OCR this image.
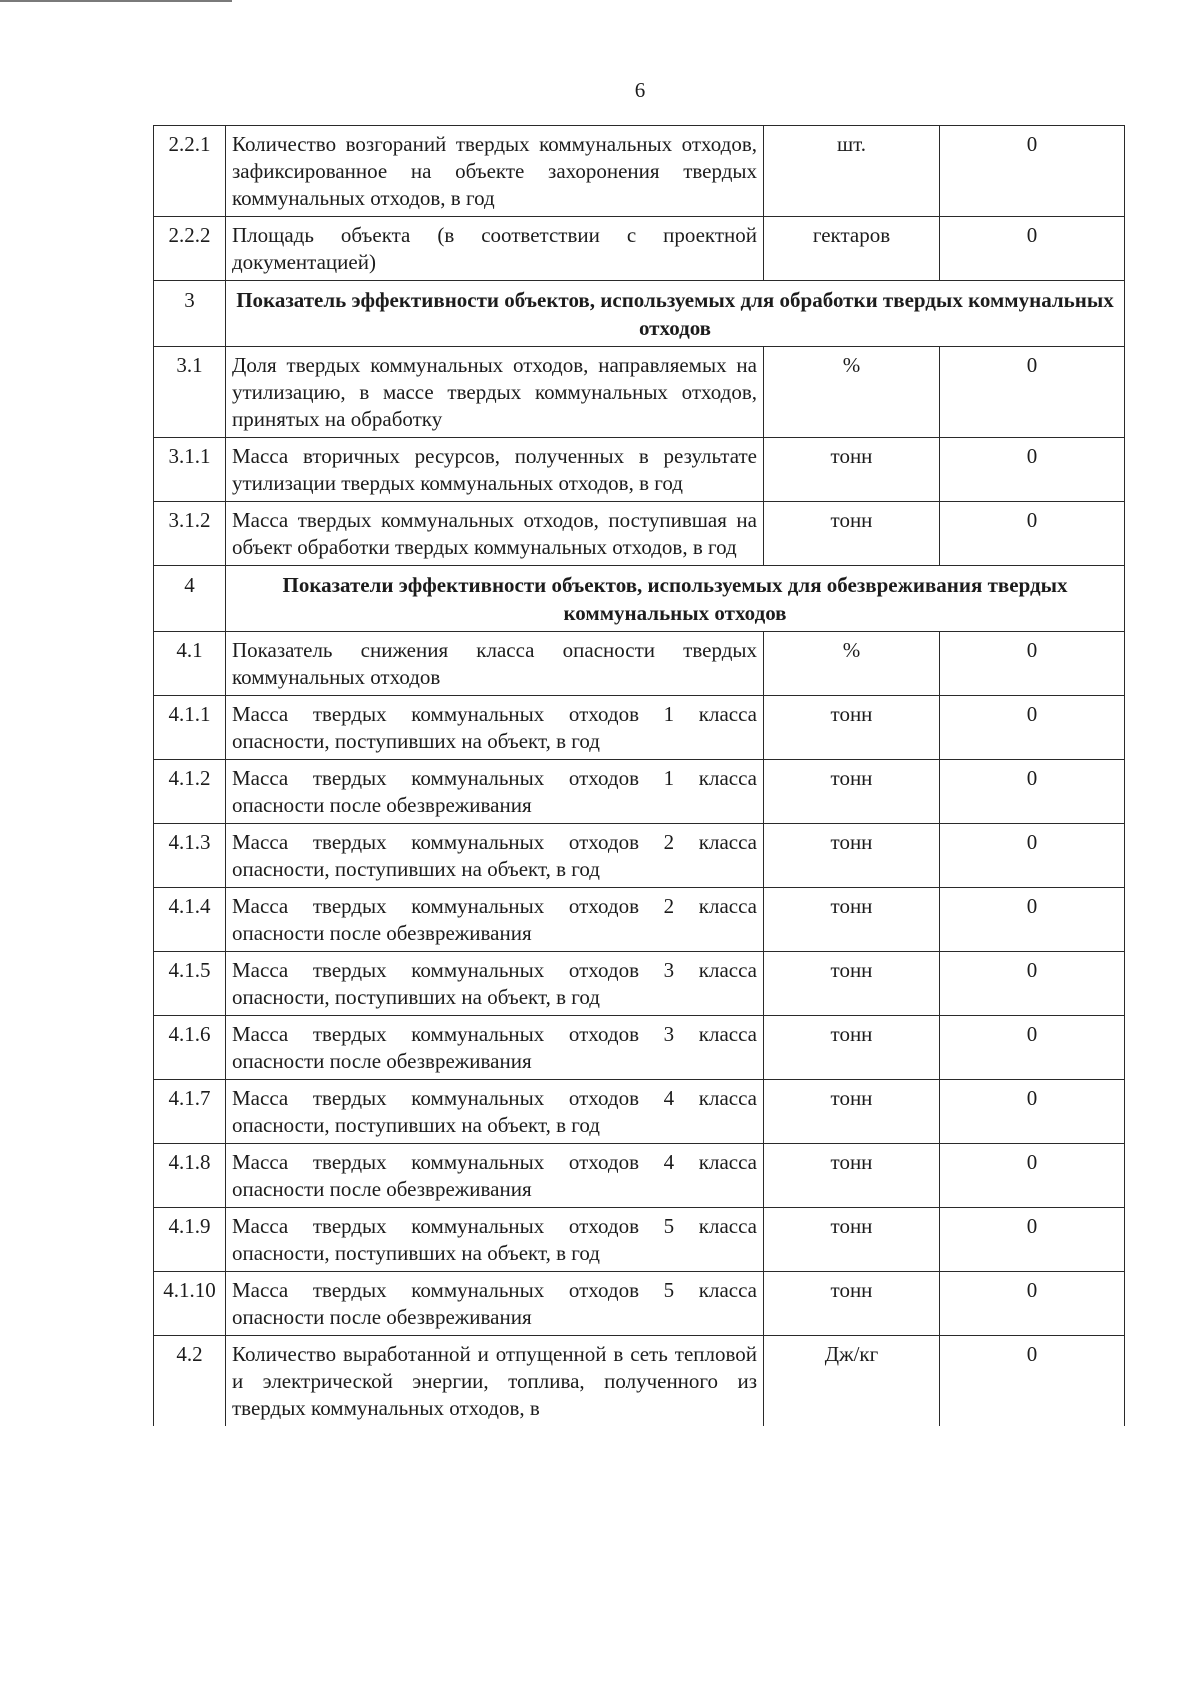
6
2.2.1	Количество возгораний твердых коммунальных отходов, зафиксированное на объекте захоронения твердых коммунальных отходов, в год	шт.	0
2.2.2	Площадь объекта (в соответствии с проектной документацией)	гектаров	0
3	Показатель эффективности объектов, используемых для обработки твердых коммунальных отходов		
3.1	Доля твердых коммунальных отходов, направляемых на утилизацию, в массе твердых коммунальных отходов, принятых на обработку	%	0
3.1.1	Масса вторичных ресурсов, полученных в результате утилизации твердых коммунальных отходов, в год	тонн	0
3.1.2	Масса твердых коммунальных отходов, поступившая на объект обработки твердых коммунальных отходов, в год	тонн	0
4	Показатели эффективности объектов, используемых для обезвреживания твердых коммунальных отходов		
4.1	Показатель снижения класса опасности твердых коммунальных отходов	%	0
4.1.1	Масса твердых коммунальных отходов 1 класса опасности, поступивших на объект, в год	тонн	0
4.1.2	Масса твердых коммунальных отходов 1 класса опасности после обезвреживания	тонн	0
4.1.3	Масса твердых коммунальных отходов 2 класса опасности, поступивших на объект, в год	тонн	0
4.1.4	Масса твердых коммунальных отходов 2 класса опасности после обезвреживания	тонн	0
4.1.5	Масса твердых коммунальных отходов 3 класса опасности, поступивших на объект, в год	тонн	0
4.1.6	Масса твердых коммунальных отходов 3 класса опасности после обезвреживания	тонн	0
4.1.7	Масса твердых коммунальных отходов 4 класса опасности, поступивших на объект, в год	тонн	0
4.1.8	Масса твердых коммунальных отходов 4 класса опасности после обезвреживания	тонн	0
4.1.9	Масса твердых коммунальных отходов 5 класса опасности, поступивших на объект, в год	тонн	0
4.1.10	Масса твердых коммунальных отходов 5 класса опасности после обезвреживания	тонн	0
4.2	Количество выработанной и отпущенной в сеть тепловой и электрической энергии, топлива, полученного из твердых коммунальных отходов, в	Дж/кг	0
